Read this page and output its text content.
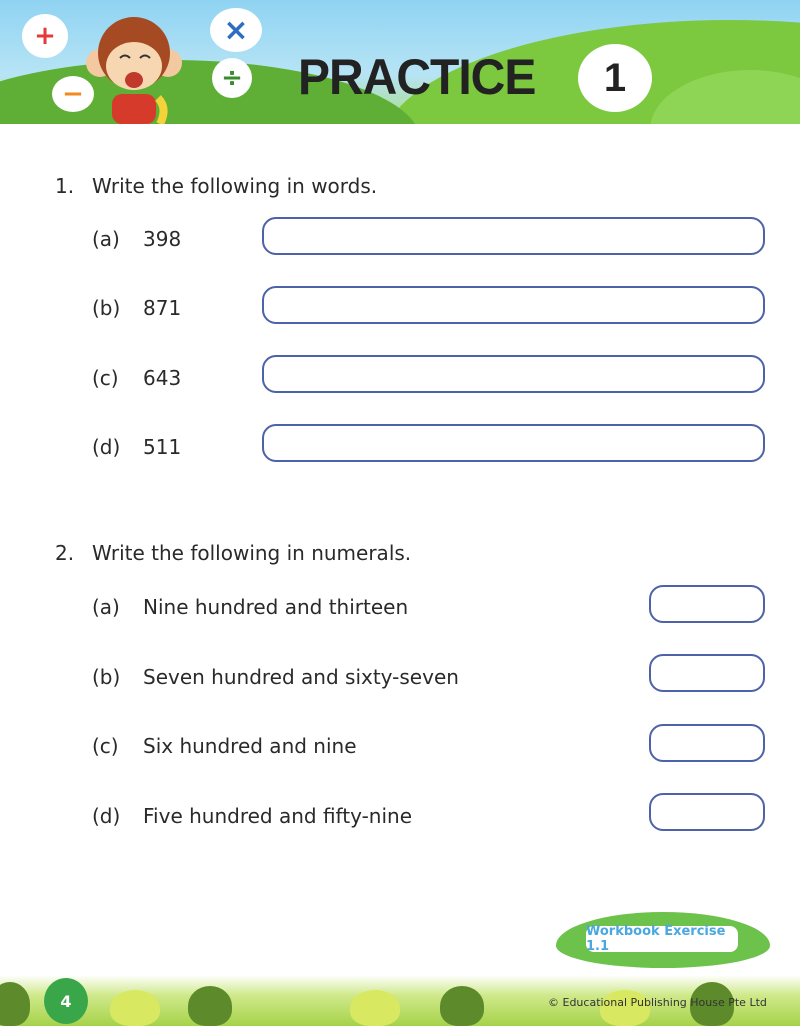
+	×
÷
−	PRACTICE	1
1. Write the following in words.
(a) 398
(b) 871
(c) 643
(d) 511
2. Write the following in numerals.
(a) Nine hundred and thirteen
(b) Seven hundred and sixty-seven
(c) Six hundred and nine
(d) Five hundred and fifty-nine
Workbook Exercise 1.1
4	© Educational Publishing House Pte Ltd
